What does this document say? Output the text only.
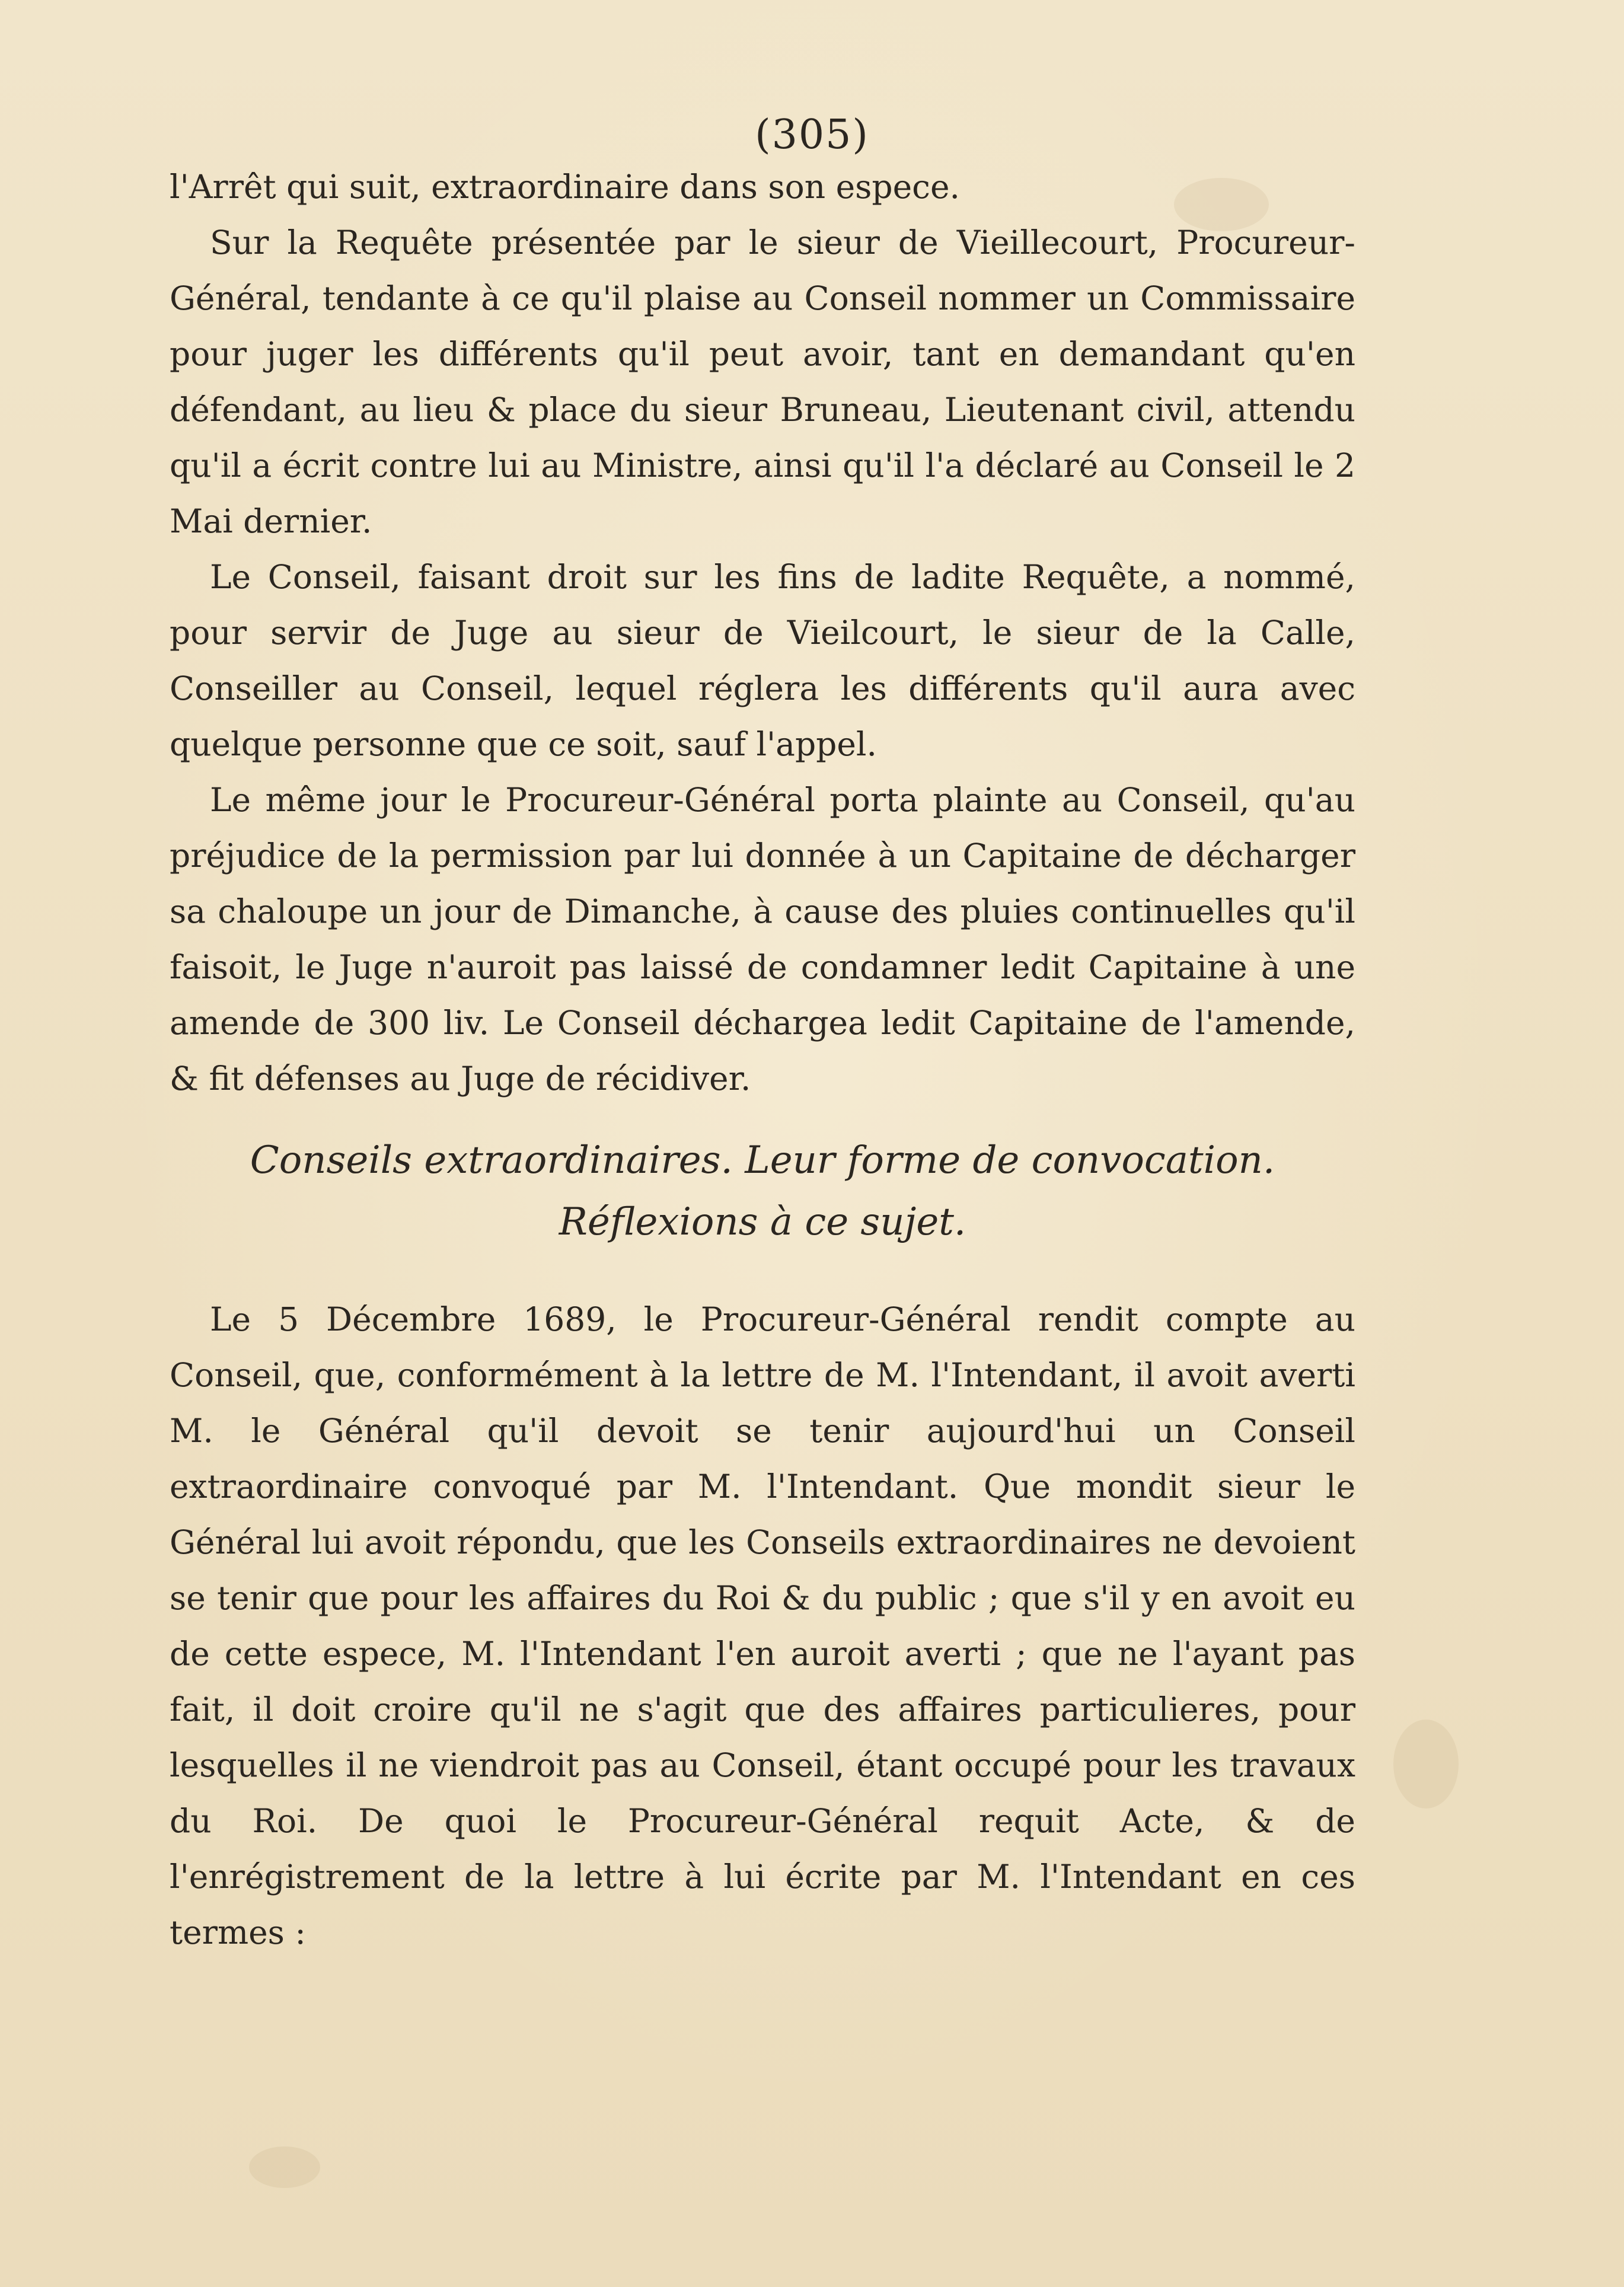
(305)

l'Arrêt qui suit, extraordinaire dans son espece.

Sur la Requête présentée par le sieur de Vieillecourt, Procureur-Général, tendante à ce qu'il plaise au Conseil nommer un Commissaire pour juger les différents qu'il peut avoir, tant en demandant qu'en défendant, au lieu & place du sieur Bruneau, Lieutenant civil, attendu qu'il a écrit contre lui au Ministre, ainsi qu'il l'a déclaré au Conseil le 2 Mai dernier.

Le Conseil, faisant droit sur les fins de ladite Requête, a nommé, pour servir de Juge au sieur de Vieilcourt, le sieur de la Calle, Conseiller au Conseil, lequel réglera les différents qu'il aura avec quelque personne que ce soit, sauf l'appel.

Le même jour le Procureur-Général porta plainte au Conseil, qu'au préjudice de la permission par lui donnée à un Capitaine de décharger sa chaloupe un jour de Dimanche, à cause des pluies continuelles qu'il faisoit, le Juge n'auroit pas laissé de condamner ledit Capitaine à une amende de 300 liv. Le Conseil déchargea ledit Capitaine de l'amende, & fit défenses au Juge de récidiver.

Conseils extraordinaires. Leur forme de convocation. Réflexions à ce sujet.

Le 5 Décembre 1689, le Procureur-Général rendit compte au Conseil, que, conformément à la lettre de M. l'Intendant, il avoit averti M. le Général qu'il devoit se tenir aujourd'hui un Conseil extraordinaire convoqué par M. l'Intendant. Que mondit sieur le Général lui avoit répondu, que les Conseils extraordinaires ne devoient se tenir que pour les affaires du Roi & du public ; que s'il y en avoit eu de cette espece, M. l'Intendant l'en auroit averti ; que ne l'ayant pas fait, il doit croire qu'il ne s'agit que des affaires particulieres, pour lesquelles il ne viendroit pas au Conseil, étant occupé pour les travaux du Roi. De quoi le Procureur-Général requit Acte, & de l'enrégistrement de la lettre à lui écrite par M. l'Intendant en ces termes :
